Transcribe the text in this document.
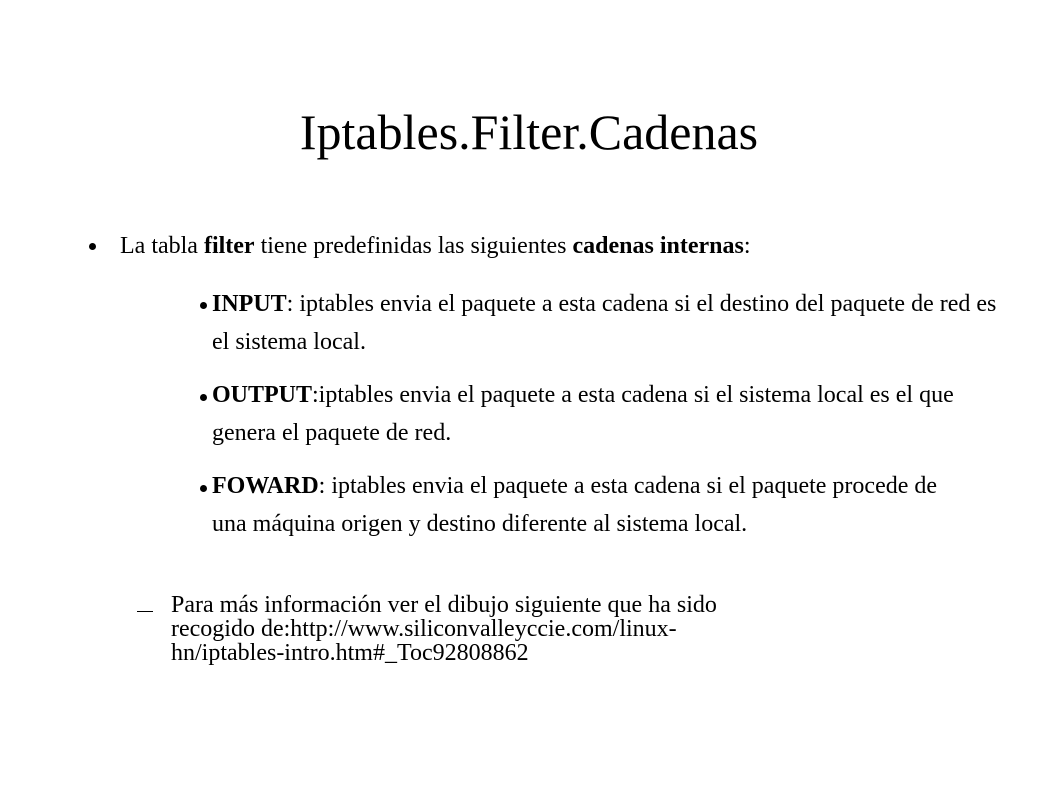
Iptables.Filter.Cadenas
La tabla filter tiene predefinidas las siguientes cadenas internas:
INPUT: iptables envia el paquete a esta cadena si el destino del paquete de red es el sistema local.
OUTPUT:iptables envia el paquete a esta cadena si el sistema local es el que genera el paquete de red.
FOWARD: iptables envia el paquete a esta cadena si el paquete procede de una máquina origen y destino diferente al sistema local.
Para más información ver el dibujo siguiente que ha sido
recogido de:http://www.siliconvalleyccie.com/linux-
hn/iptables-intro.htm#_Toc92808862
